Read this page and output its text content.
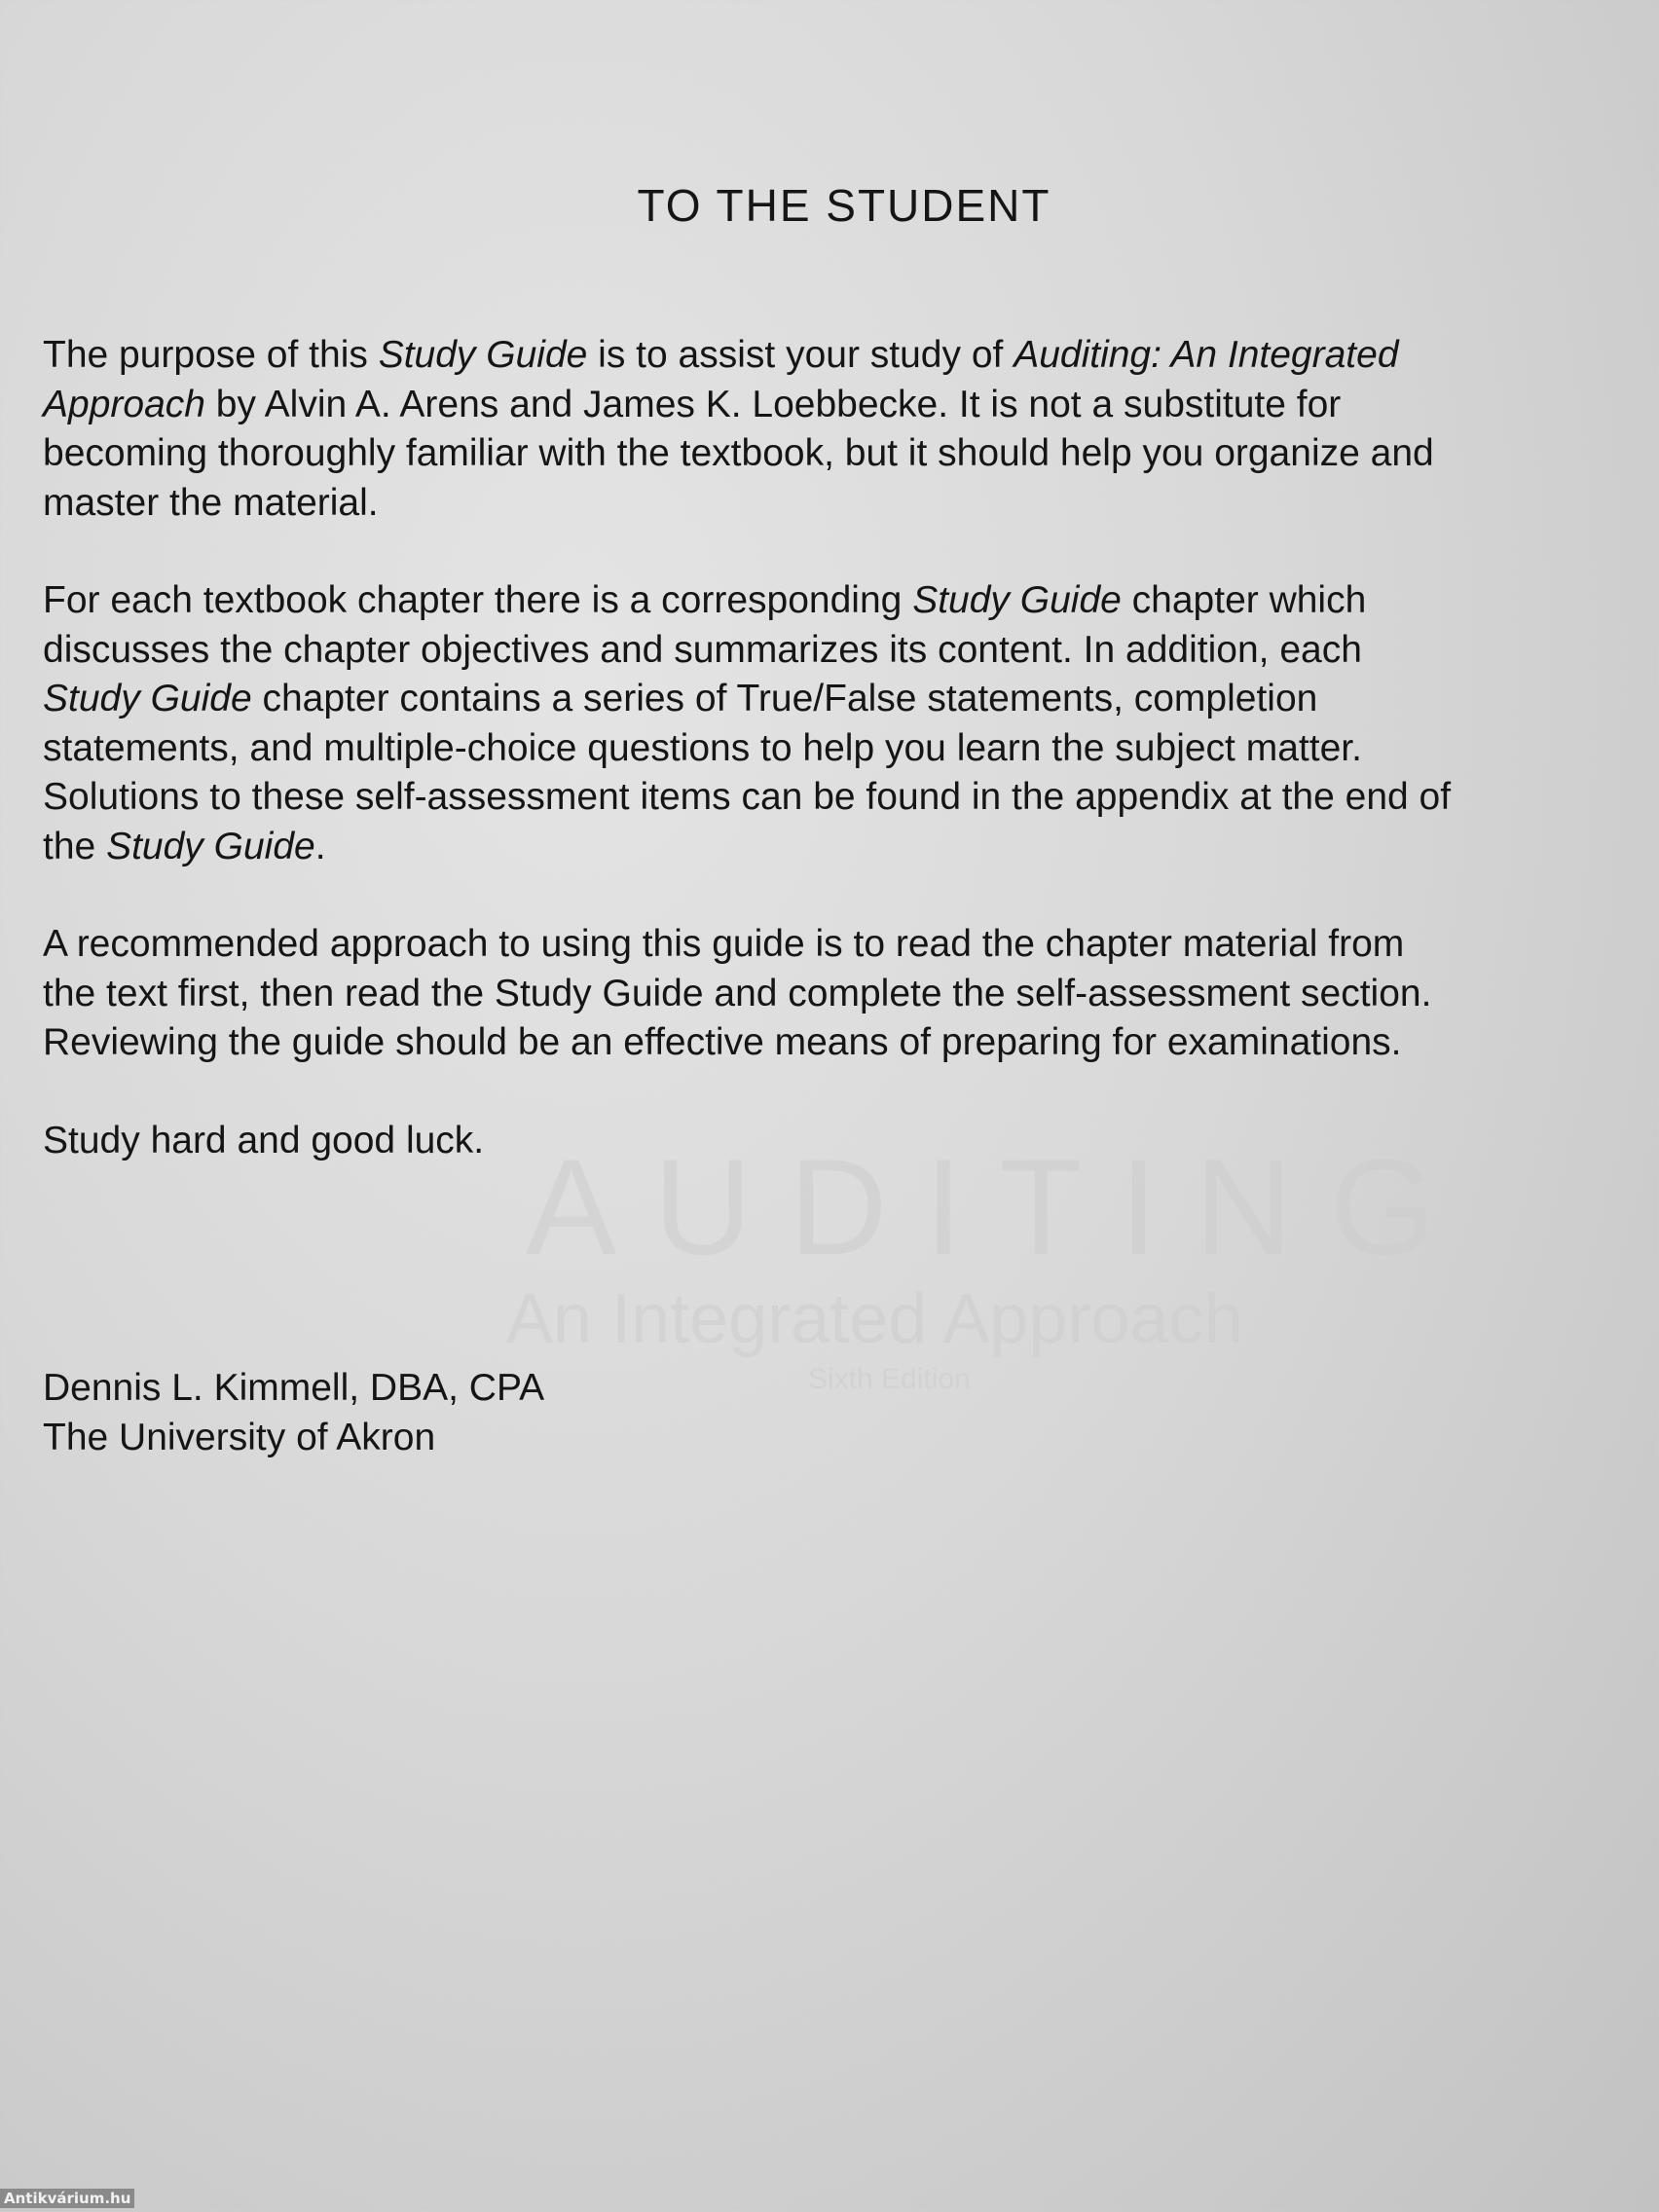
AUDITING
An Integrated Approach
Sixth Edition
TO THE STUDENT

The purpose of this Study Guide is to assist your study of Auditing: An Integrated
Approach by Alvin A. Arens and James K. Loebbecke. It is not a substitute for
becoming thoroughly familiar with the textbook, but it should help you organize and
master the material.

For each textbook chapter there is a corresponding Study Guide chapter which
discusses the chapter objectives and summarizes its content. In addition, each
Study Guide chapter contains a series of True/False statements, completion
statements, and multiple-choice questions to help you learn the subject matter.
Solutions to these self-assessment items can be found in the appendix at the end of
the Study Guide.

A recommended approach to using this guide is to read the chapter material from
the text first, then read the Study Guide and complete the self-assessment section.
Reviewing the guide should be an effective means of preparing for examinations.

Study hard and good luck.

Dennis L. Kimmell, DBA, CPA
The University of Akron
Antikvárium.hu
